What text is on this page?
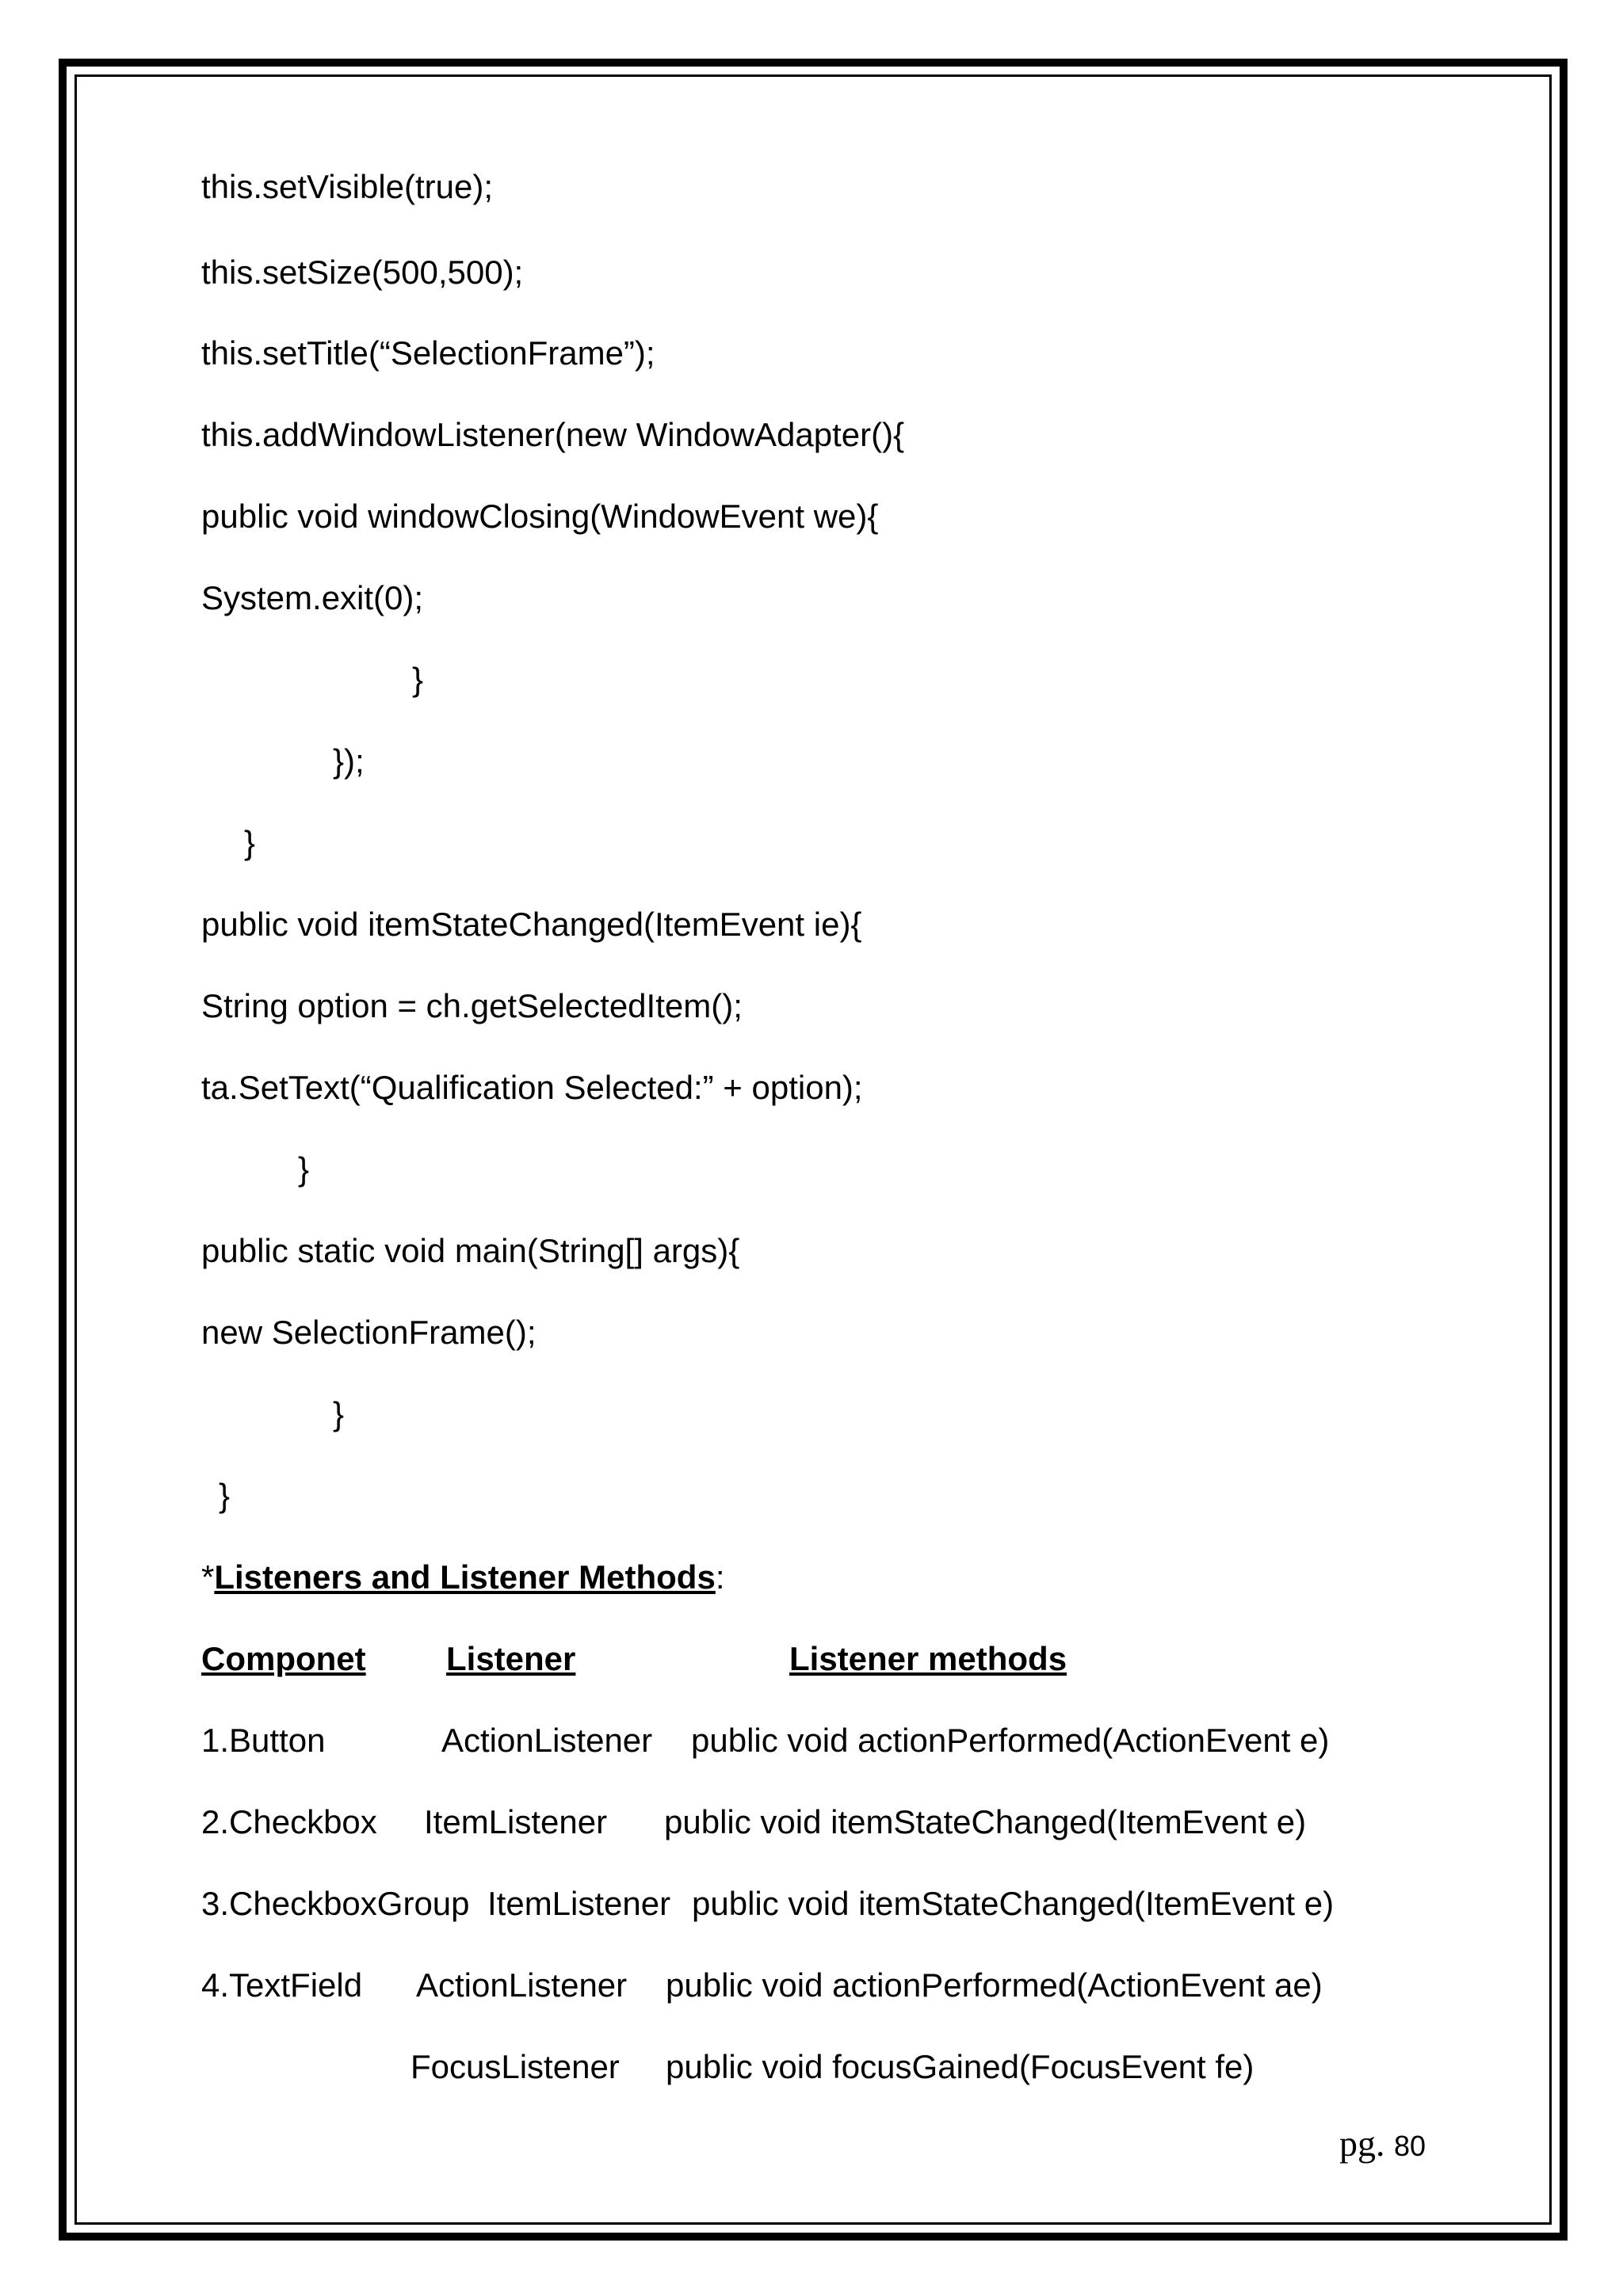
this.setVisible(true);
this.setSize(500,500);
this.setTitle(“SelectionFrame”);
this.addWindowListener(new WindowAdapter(){
public void windowClosing(WindowEvent we){
System.exit(0);
}
});
}
public void itemStateChanged(ItemEvent ie){
String option = ch.getSelectedItem();
ta.SetText(“Qualification Selected:” + option);
}
public static void main(String[] args){
new SelectionFrame();
}
}
*Listeners and Listener Methods:
Componet Listener	Listener methods
1.Button	ActionListener public void actionPerformed(ActionEvent e)
2.Checkbox ItemListener public void itemStateChanged(ItemEvent e)
3.CheckboxGroup ItemListener public void itemStateChanged(ItemEvent e)
4.TextField ActionListener public void actionPerformed(ActionEvent ae)
FocusListener public void focusGained(FocusEvent fe)
pg. 80
